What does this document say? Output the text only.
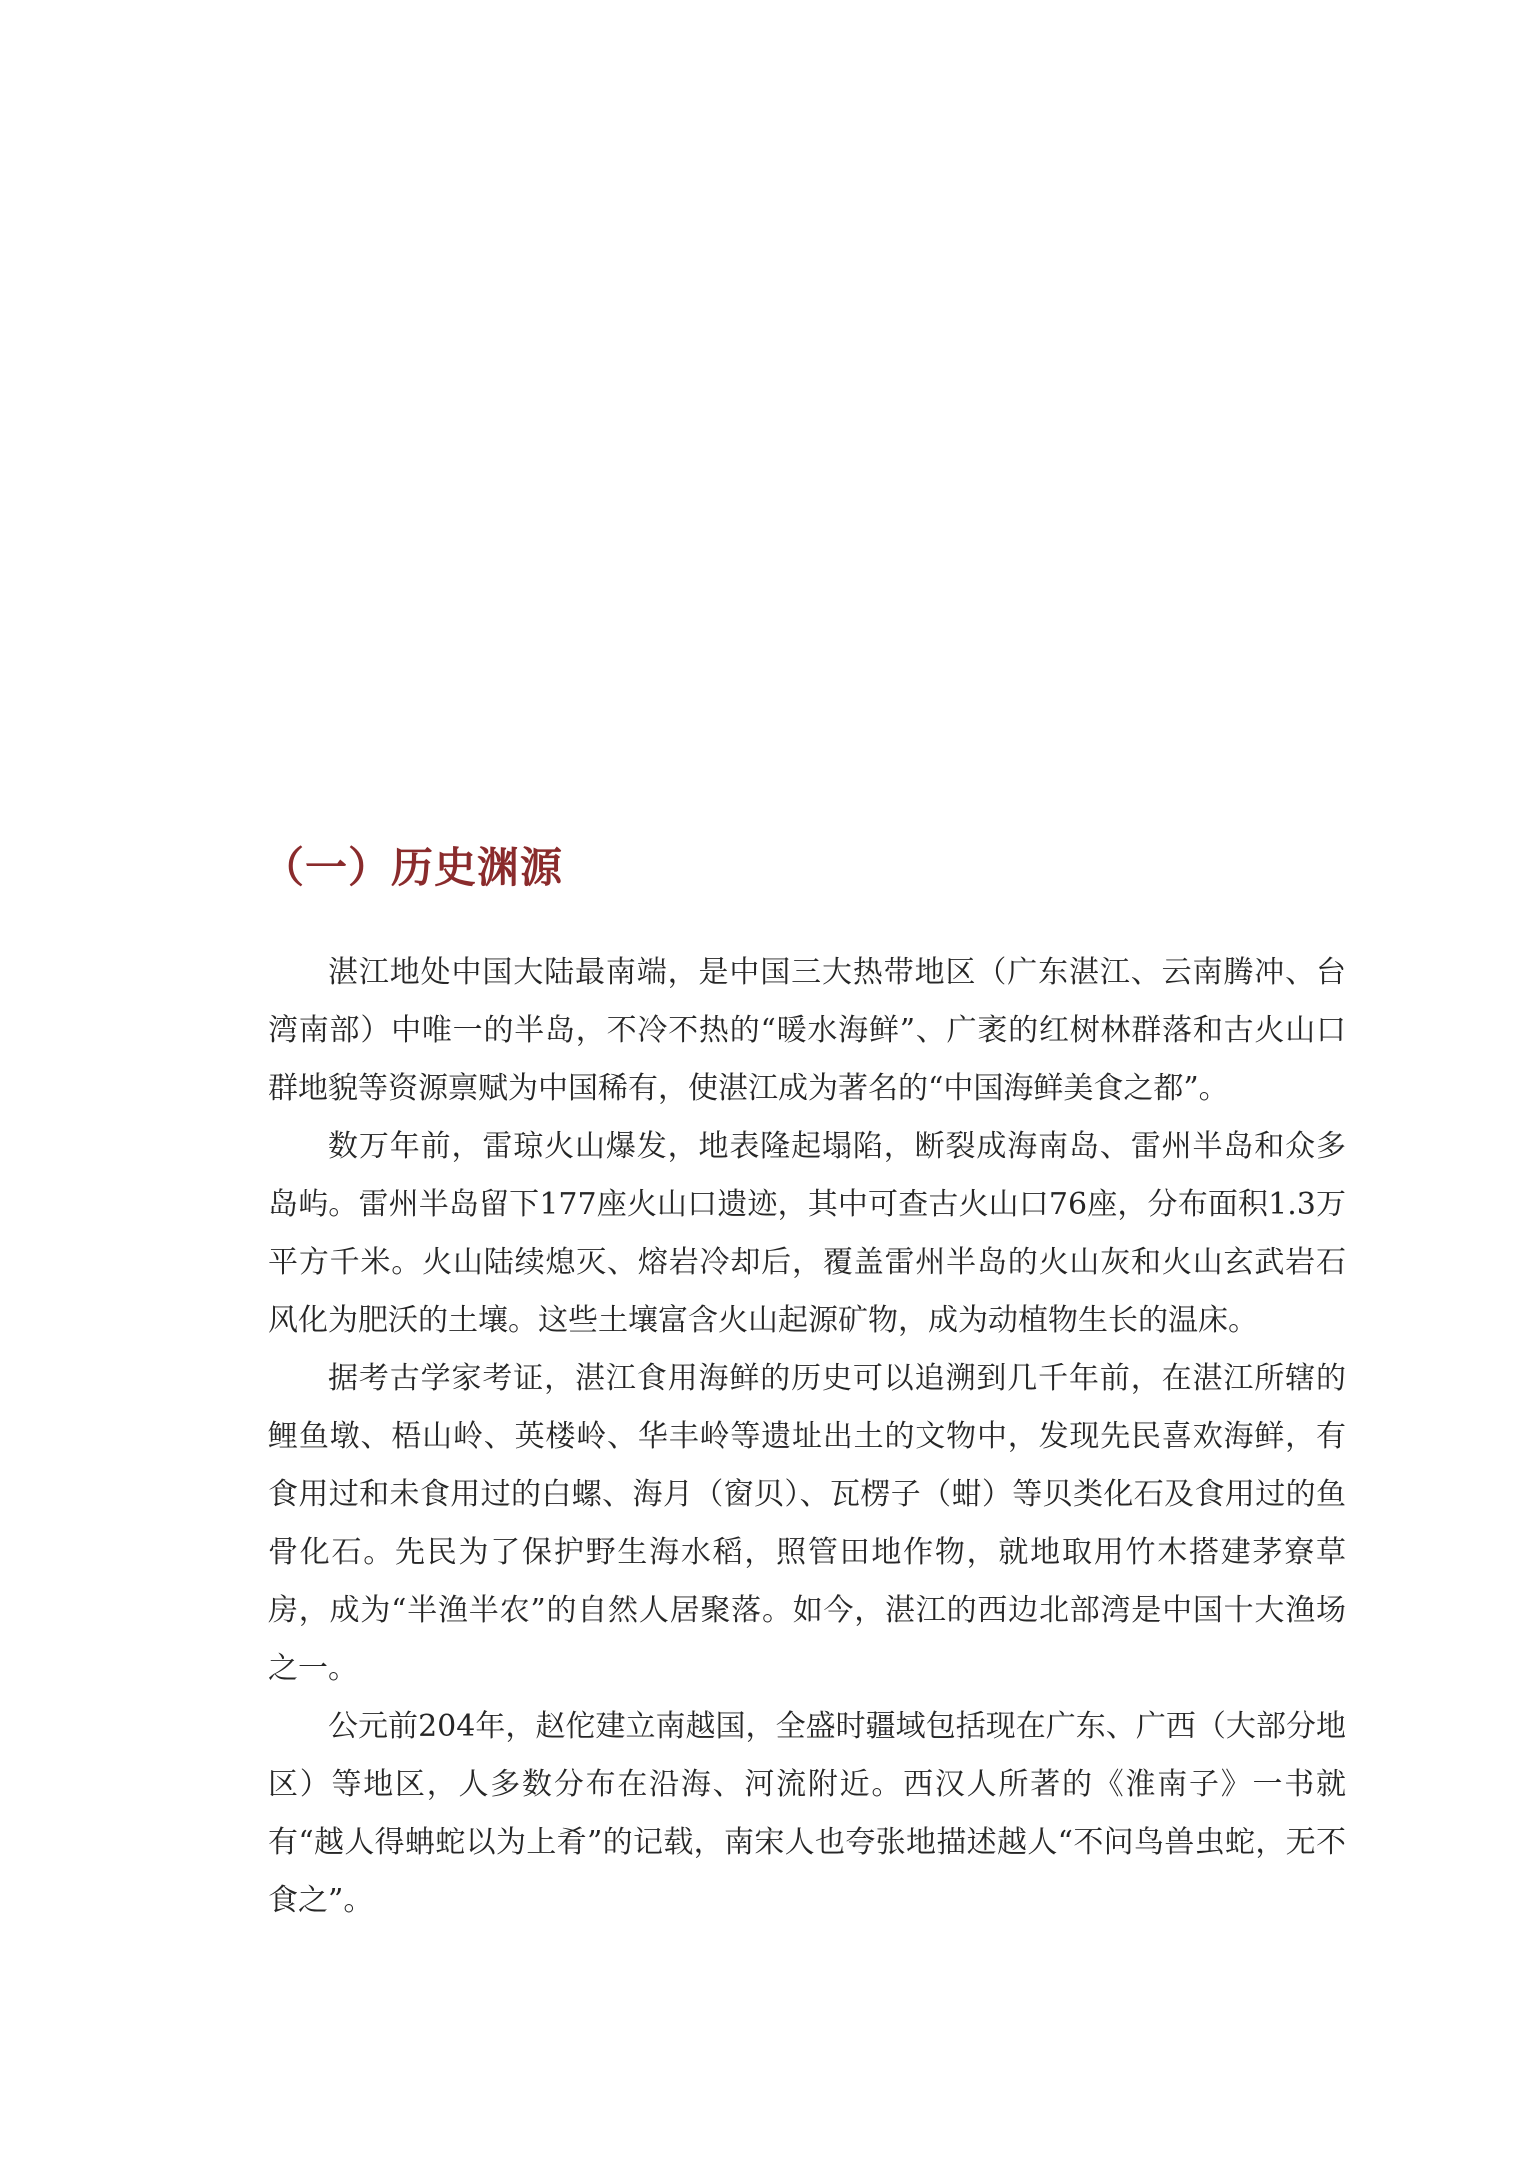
（一）历史渊源

湛江地处中国大陆最南端，是中国三大热带地区（广东湛江、云南腾冲、台湾南部）中唯一的半岛，不冷不热的“暖水海鲜”、广袤的红树林群落和古火山口群地貌等资源禀赋为中国稀有，使湛江成为著名的“中国海鲜美食之都”。

数万年前，雷琼火山爆发，地表隆起塌陷，断裂成海南岛、雷州半岛和众多岛屿。雷州半岛留下177座火山口遗迹，其中可查古火山口76座，分布面积1.3万平方千米。火山陆续熄灭、熔岩冷却后，覆盖雷州半岛的火山灰和火山玄武岩石风化为肥沃的土壤。这些土壤富含火山起源矿物，成为动植物生长的温床。

据考古学家考证，湛江食用海鲜的历史可以追溯到几千年前，在湛江所辖的鲤鱼墩、梧山岭、英楼岭、华丰岭等遗址出土的文物中，发现先民喜欢海鲜，有食用过和未食用过的白螺、海月（窗贝）、瓦楞子（蚶）等贝类化石及食用过的鱼骨化石。先民为了保护野生海水稻，照管田地作物，就地取用竹木搭建茅寮草房，成为“半渔半农”的自然人居聚落。如今，湛江的西边北部湾是中国十大渔场之一。

公元前204年，赵佗建立南越国，全盛时疆域包括现在广东、广西（大部分地区）等地区，人多数分布在沿海、河流附近。西汉人所著的《淮南子》一书就有“越人得蚺蛇以为上肴”的记载，南宋人也夸张地描述越人“不问鸟兽虫蛇，无不食之”。
